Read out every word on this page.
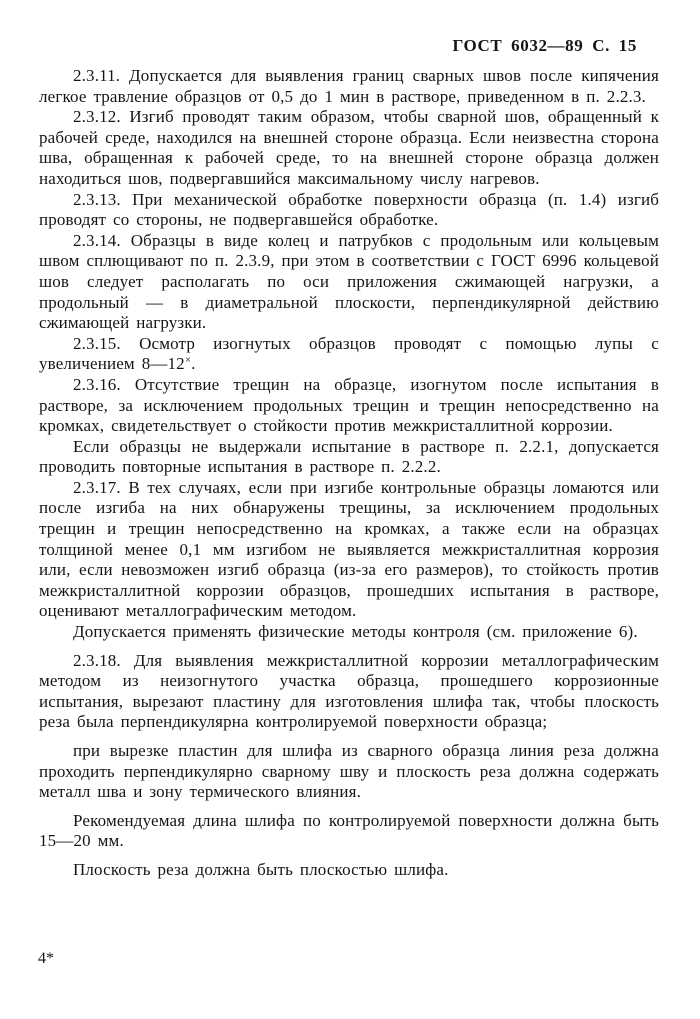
ГОСТ 6032—89 С. 15

2.3.11. Допускается для выявления границ сварных швов после кипячения легкое травление образцов от 0,5 до 1 мин в растворе, приведенном в п. 2.2.3.

2.3.12. Изгиб проводят таким образом, чтобы сварной шов, обращенный к рабочей среде, находился на внешней стороне образца. Если неизвестна сторона шва, обращенная к рабочей среде, то на внешней стороне образца должен находиться шов, подвергавшийся максимальному числу нагревов.

2.3.13. При механической обработке поверхности образца (п. 1.4) изгиб проводят со стороны, не подвергавшейся обработке.

2.3.14. Образцы в виде колец и патрубков с продольным или кольцевым швом сплющивают по п. 2.3.9, при этом в соответствии с ГОСТ 6996 кольцевой шов следует располагать по оси приложения сжимающей нагрузки, а продольный — в диаметральной плоскости, перпендикулярной действию сжимающей нагрузки.

2.3.15. Осмотр изогнутых образцов проводят с помощью лупы с увеличением 8—12×.

2.3.16. Отсутствие трещин на образце, изогнутом после испытания в растворе, за исключением продольных трещин и трещин непосредственно на кромках, свидетельствует о стойкости против межкристаллитной коррозии.

Если образцы не выдержали испытание в растворе п. 2.2.1, допускается проводить повторные испытания в растворе п. 2.2.2.

2.3.17. В тех случаях, если при изгибе контрольные образцы ломаются или после изгиба на них обнаружены трещины, за исключением продольных трещин и трещин непосредственно на кромках, а также если на образцах толщиной менее 0,1 мм изгибом не выявляется межкристаллитная коррозия или, если невозможен изгиб образца (из-за его размеров), то стойкость против межкристаллитной коррозии образцов, прошедших испытания в растворе, оценивают металлографическим методом.

Допускается применять физические методы контроля (см. приложение 6).

2.3.18. Для выявления межкристаллитной коррозии металлографическим методом из неизогнутого участка образца, прошедшего коррозионные испытания, вырезают пластину для изготовления шлифа так, чтобы плоскость реза была перпендикулярна контролируемой поверхности образца;

при вырезке пластин для шлифа из сварного образца линия реза должна проходить перпендикулярно сварному шву и плоскость реза должна содержать металл шва и зону термического влияния.

Рекомендуемая длина шлифа по контролируемой поверхности должна быть 15—20 мм.

Плоскость реза должна быть плоскостью шлифа.

4*
